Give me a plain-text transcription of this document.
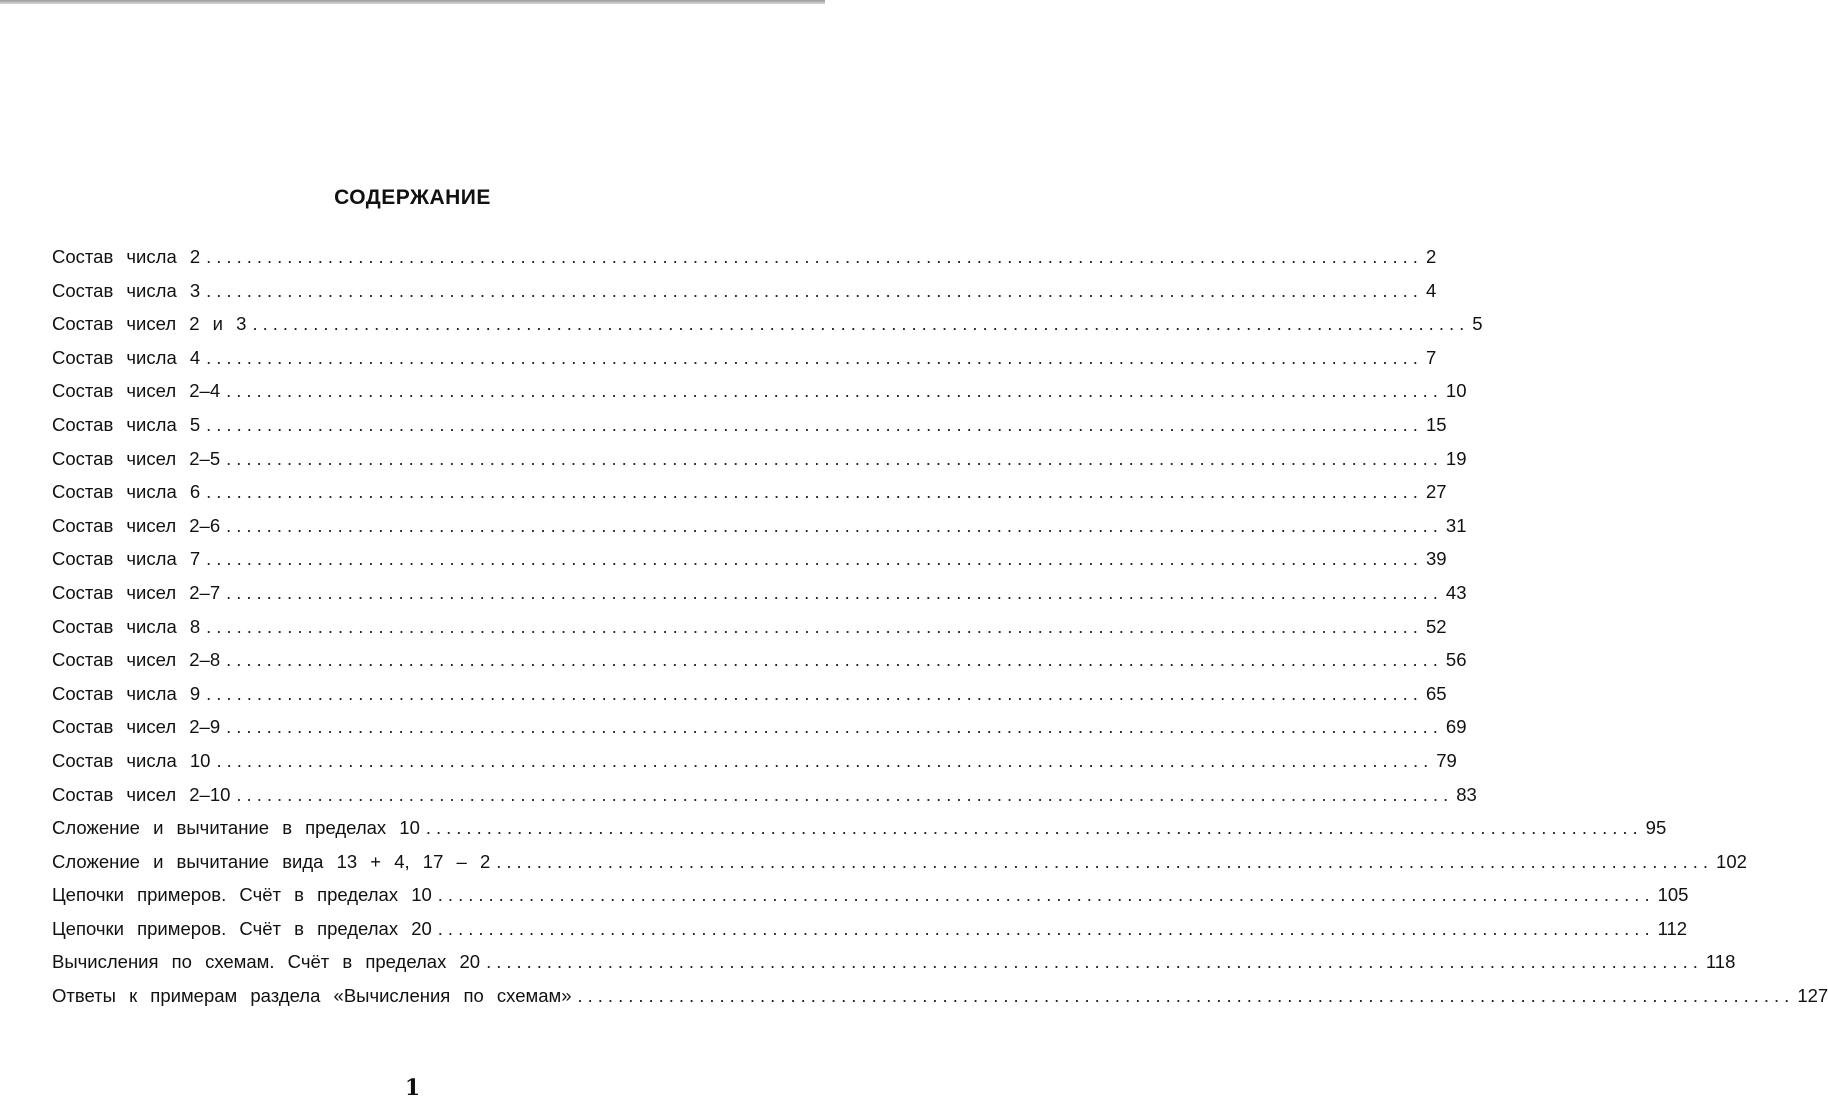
СОДЕРЖАНИЕ
Состав числа 2 ........................................................................................................................ 2
Состав числа 3 ........................................................................................................................ 4
Состав чисел 2 и 3 ........................................................................................................................ 5
Состав числа 4 ........................................................................................................................ 7
Состав чисел 2–4 ........................................................................................................................ 10
Состав числа 5 ........................................................................................................................ 15
Состав чисел 2–5 ........................................................................................................................ 19
Состав числа 6 ........................................................................................................................ 27
Состав чисел 2–6 ........................................................................................................................ 31
Состав числа 7 ........................................................................................................................ 39
Состав чисел 2–7 ........................................................................................................................ 43
Состав числа 8 ........................................................................................................................ 52
Состав чисел 2–8 ........................................................................................................................ 56
Состав числа 9 ........................................................................................................................ 65
Состав чисел 2–9 ........................................................................................................................ 69
Состав числа 10 ........................................................................................................................ 79
Состав чисел 2–10 ........................................................................................................................ 83
Сложение и вычитание в пределах 10 ........................................................................................................................ 95
Сложение и вычитание вида 13 + 4, 17 – 2 ........................................................................................................................ 102
Цепочки примеров. Счёт в пределах 10 ........................................................................................................................ 105
Цепочки примеров. Счёт в пределах 20 ........................................................................................................................ 112
Вычисления по схемам. Счёт в пределах 20 ........................................................................................................................ 118
Ответы к примерам раздела «Вычисления по схемам» ........................................................................................................................ 127
1
